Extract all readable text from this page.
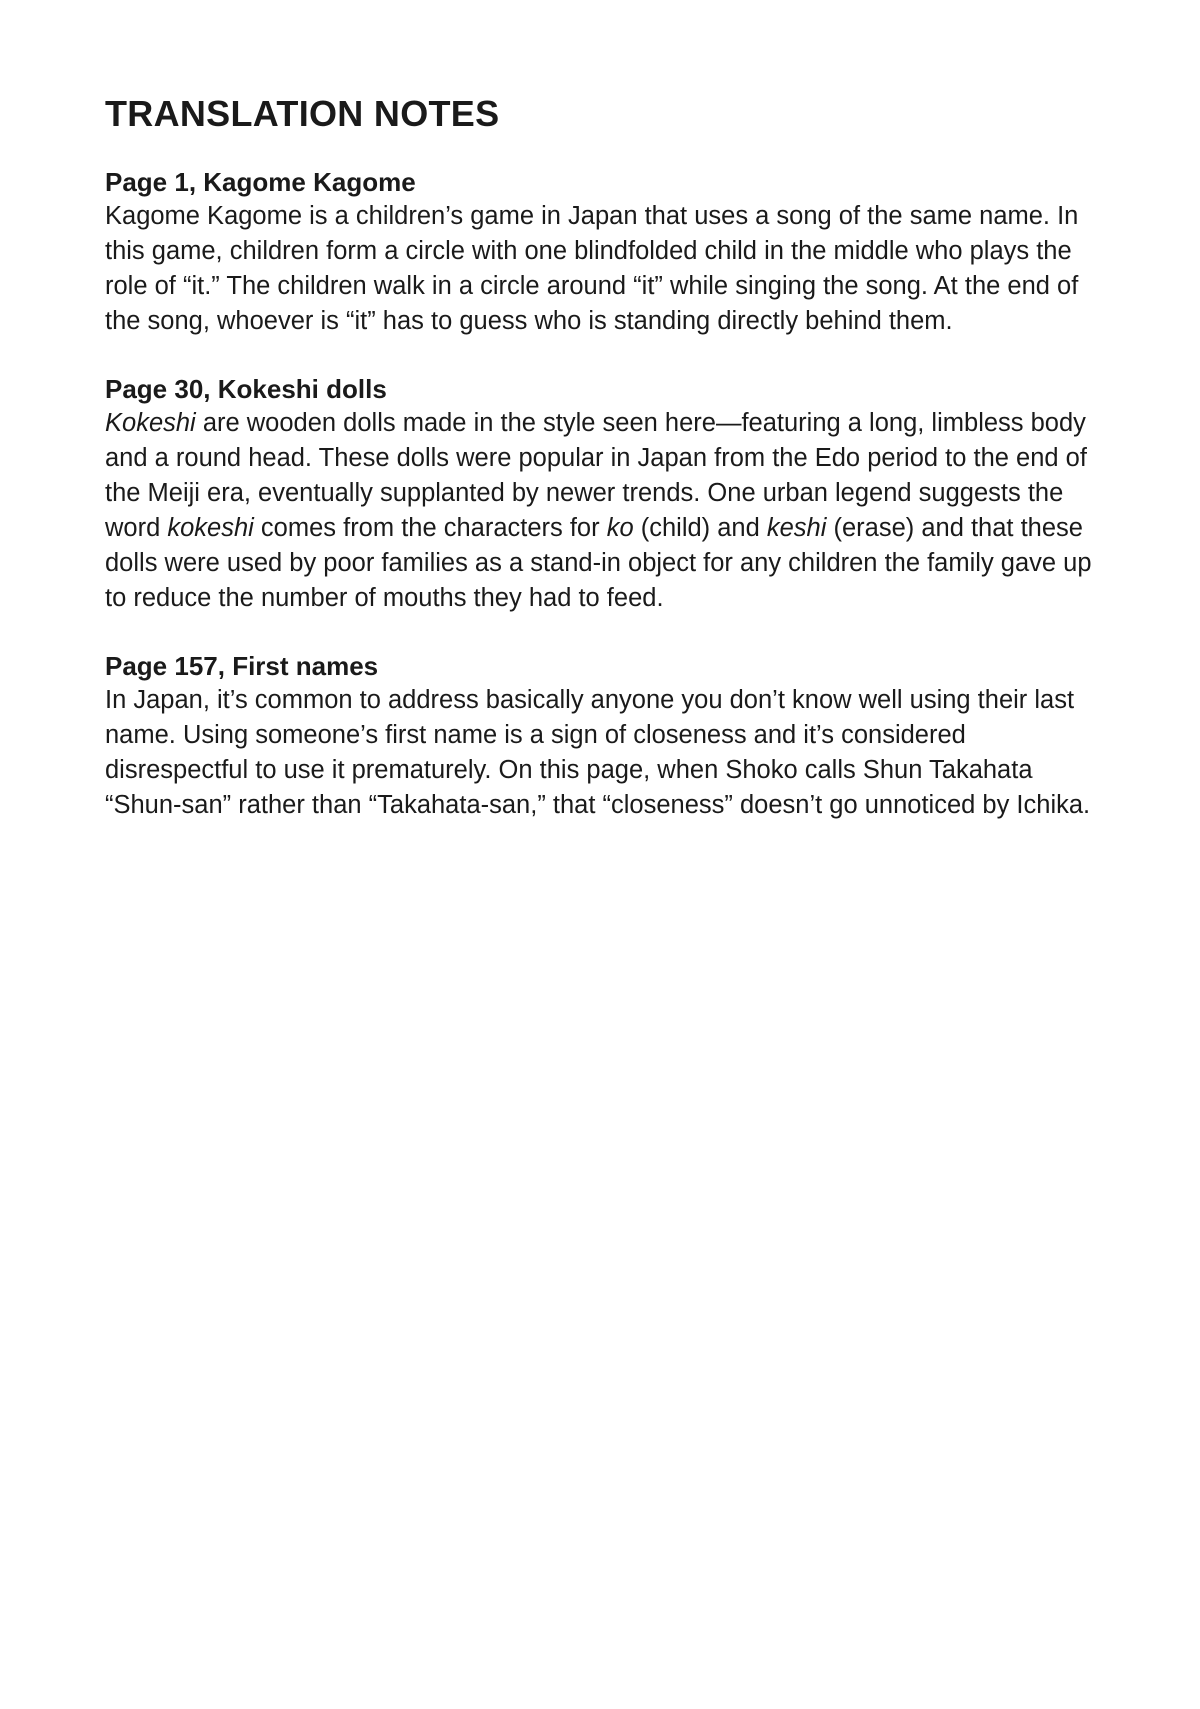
TRANSLATION NOTES
Page 1, Kagome Kagome

Kagome Kagome is a children’s game in Japan that uses a song of the same name. In this game, children form a circle with one blindfolded child in the middle who plays the role of “it.” The children walk in a circle around “it” while singing the song. At the end of the song, whoever is “it” has to guess who is standing directly behind them.

Page 30, Kokeshi dolls

Kokeshi are wooden dolls made in the style seen here—featuring a long, limbless body and a round head. These dolls were popular in Japan from the Edo period to the end of the Meiji era, eventually supplanted by newer trends. One urban legend suggests the word kokeshi comes from the characters for ko (child) and keshi (erase) and that these dolls were used by poor families as a stand-in object for any children the family gave up to reduce the number of mouths they had to feed.

Page 157, First names

In Japan, it’s common to address basically anyone you don’t know well using their last name. Using someone’s first name is a sign of closeness and it’s considered disrespectful to use it prematurely. On this page, when Shoko calls Shun Takahata “Shun-san” rather than “Takahata-san,” that “closeness” doesn’t go unnoticed by Ichika.
